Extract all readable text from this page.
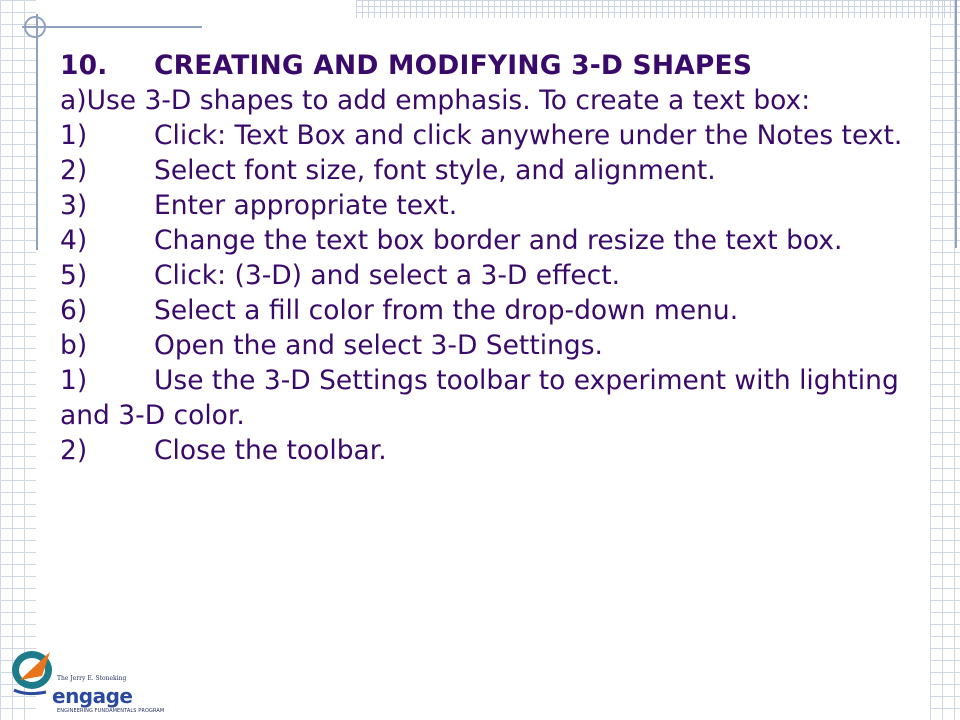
10. CREATING AND MODIFYING 3-D SHAPES
a)Use 3-D shapes to add emphasis. To create a text box:
1)	Click: Text Box and click anywhere under the Notes text.
2)	Select font size, font style, and alignment.
3)	Enter appropriate text.
4)	Change the text box border and resize the text box.
5)	Click: (3-D) and select a 3-D effect.
6)	Select a fill color from the drop-down menu.
b)	Open the and select 3-D Settings.
1)	Use the 3-D Settings toolbar to experiment with lighting and 3-D color.
2)	Close the toolbar.
The Jerry E. Stoneking
engage
ENGINEERING FUNDAMENTALS PROGRAM
